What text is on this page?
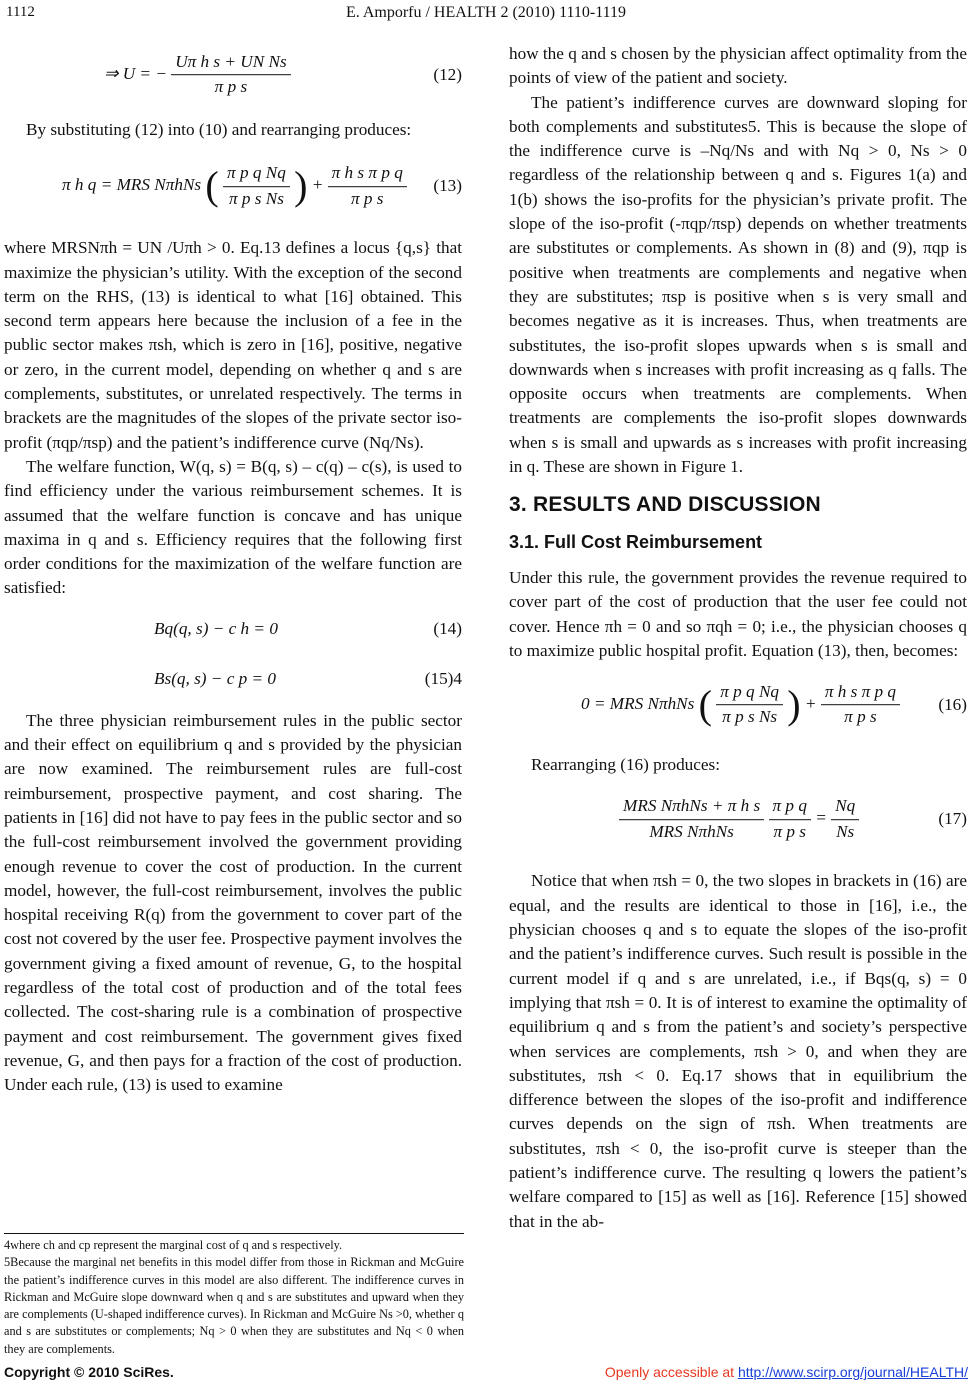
1112	E. Amporfu / HEALTH 2 (2010) 1110-1119
⇒ U = − $\frac{\text{Uπ h s + UN Ns}}{\text{π p s}}$	(12)

By substituting (12) into (10) and rearranging produces:

π h q = MRS NπhNs ( $\frac{\text{π p q Nq}}{\text{π p s Ns}}$ ) + $\frac{\text{π h s π p q}}{\text{π p s}} (13)$

where MRSNπh = UN /Uπh > 0. Eq.13 defines a locus {q,s} that maximize the physician’s utility. With the exception of the second term on the RHS, (13) is identical to what [16] obtained. This second term appears here because the inclusion of a fee in the public sector makes πsh, which is zero in [16], positive, negative or zero, in the current model, depending on whether q and s are complements, substitutes, or unrelated respectively. The terms in brackets are the magnitudes of the slopes of the private sector iso-profit (πqp/πsp) and the patient’s indifference curve (Nq/Ns).

The welfare function, W(q, s) = B(q, s) – c(q) – c(s), is used to find efficiency under the various reimbursement schemes. It is assumed that the welfare function is concave and has unique maxima in q and s. Efficiency requires that the following first order conditions for the maximization of the welfare function are satisfied:

Bq(q, s) − c h = 0	(14)
Bs(q, s) − c p = 0	(15)4

The three physician reimbursement rules in the public sector and their effect on equilibrium q and s provided by the physician are now examined. The reimbursement rules are full-cost reimbursement, prospective payment, and cost sharing. The patients in [16] did not have to pay fees in the public sector and so the full-cost reimbursement involved the government providing enough revenue to cover the cost of production. In the current model, however, the full-cost reimbursement, involves the public hospital receiving R(q) from the government to cover part of the cost not covered by the user fee. Prospective payment involves the government giving a fixed amount of revenue, G, to the hospital regardless of the total cost of production and of the total fees collected. The cost-sharing rule is a combination of prospective payment and cost reimbursement. The government gives fixed revenue, G, and then pays for a fraction of the cost of production. Under each rule, (13) is used to examine

4where ch and cp represent the marginal cost of q and s respectively.

5Because the marginal net benefits in this model differ from those in Rickman and McGuire the patient’s indifference curves in this model are also different. The indifference curves in Rickman and McGuire slope downward when q and s are substitutes and upward when they are complements (U-shaped indifference curves). In Rickman and McGuire Ns >0, whether q and s are substitutes or complements; Nq > 0 when they are substitutes and Nq < 0 when they are complements.

how the q and s chosen by the physician affect optimality from the points of view of the patient and society.

The patient’s indifference curves are downward sloping for both complements and substitutes5. This is because the slope of the indifference curve is –Nq/Ns and with Nq > 0, Ns > 0 regardless of the relationship between q and s. Figures 1(a) and 1(b) shows the iso-profits for the physician’s private profit. The slope of the iso-profit (-πqp/πsp) depends on whether treatments are substitutes or complements. As shown in (8) and (9), πqp is positive when treatments are complements and negative when they are substitutes; πsp is positive when s is very small and becomes negative as it is increases. Thus, when treatments are substitutes, the iso-profit slopes upwards when s is small and downwards when s increases with profit increasing as q falls. The opposite occurs when treatments are complements. When treatments are complements the iso-profit slopes downwards when s is small and upwards as s increases with profit increasing in q. These are shown in Figure 1.

3. RESULTS AND DISCUSSION
3.1. Full Cost Reimbursement

Under this rule, the government provides the revenue required to cover part of the cost of production that the user fee could not cover. Hence πh = 0 and so πqh = 0; i.e., the physician chooses q to maximize public hospital profit. Equation (13), then, becomes:

0 = MRS NπhNs ( $\frac{\text{π p q Nq}}{\text{π p s Ns}}$ ) + $\frac{\text{π h s π p q}}{\text{π p s}} (16)$

Rearranging (16) produces:

$\frac{\text{MRS NπhNs + π h s}}{\text{MRS NπhNs}}$
$\frac{\text{π p q}}{\text{π p s}} = \frac{Nq}{Ns}$	(17)

Notice that when πsh = 0, the two slopes in brackets in (16) are equal, and the results are identical to those in [16], i.e., the physician chooses q and s to equate the slopes of the iso-profit and the patient’s indifference curves. Such result is possible in the current model if q and s are unrelated, i.e., if Bqs(q, s) = 0 implying that πsh = 0. It is of interest to examine the optimality of equilibrium q and s from the patient’s and society’s perspective when services are complements, πsh > 0, and when they are substitutes, πsh < 0. Eq.17 shows that in equilibrium the difference between the slopes of the iso-profit and indifference curves depends on the sign of πsh. When treatments are substitutes, πsh < 0, the iso-profit curve is steeper than the patient’s indifference curve. The resulting q lowers the patient’s welfare compared to [15] as well as [16]. Reference [15] showed that in the ab-

Copyright © 2010 SciRes.	Openly accessible at http://www.scirp.org/journal/HEALTH/
